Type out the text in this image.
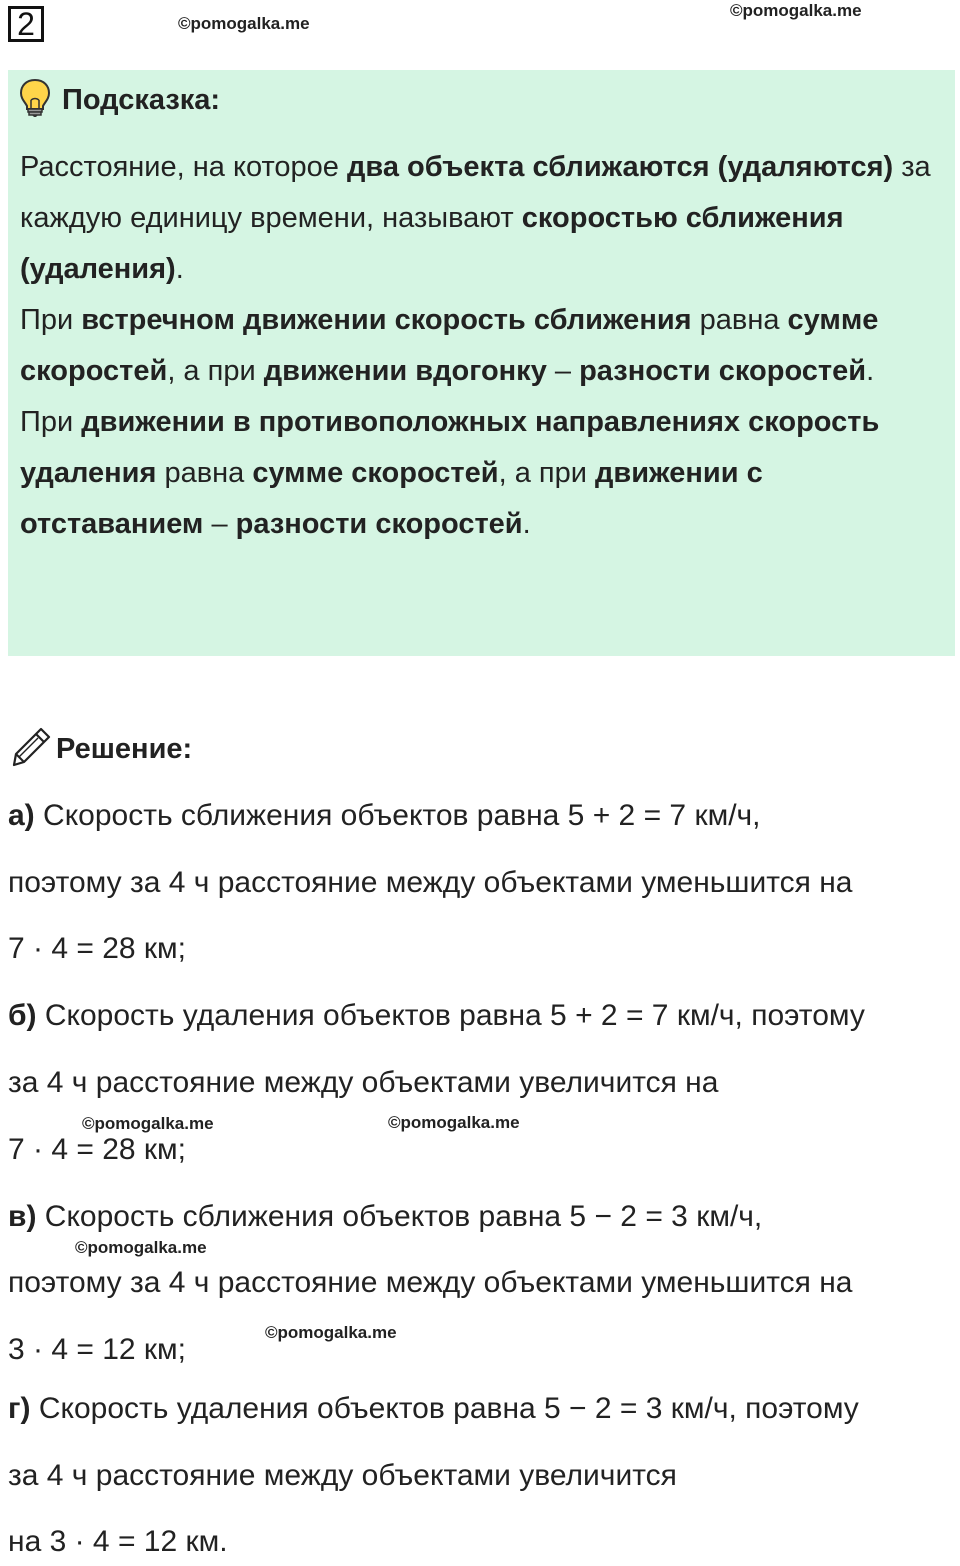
2	©pomogalka.me
©pomogalka.me
Подсказка:
Расстояние, на которое два объекта сближаются (удаляются) за каждую единицу времени, называют скоростью сближения (удаления).
При встречном движении скорость сближения равна сумме скоростей, а при движении вдогонку – разности скоростей.
При движении в противоположных направлениях скорость удаления равна сумме скоростей, а при движении с отставанием – разности скоростей.
Решение:
а) Скорость сближения объектов равна 5 + 2 = 7 км/ч,
поэтому за 4 ч расстояние между объектами уменьшится на
7 · 4 = 28 км;
б) Скорость удаления объектов равна 5 + 2 = 7 км/ч, поэтому
за 4 ч расстояние между объектами увеличится на
7 · 4 = 28 км;
в) Скорость сближения объектов равна 5 − 2 = 3 км/ч,
поэтому за 4 ч расстояние между объектами уменьшится на
3 · 4 = 12 км;
г) Скорость удаления объектов равна 5 − 2 = 3 км/ч, поэтому
за 4 ч расстояние между объектами увеличится
на 3 · 4 = 12 км.
©pomogalka.me	©pomogalka.me
©pomogalka.me
©pomogalka.me
